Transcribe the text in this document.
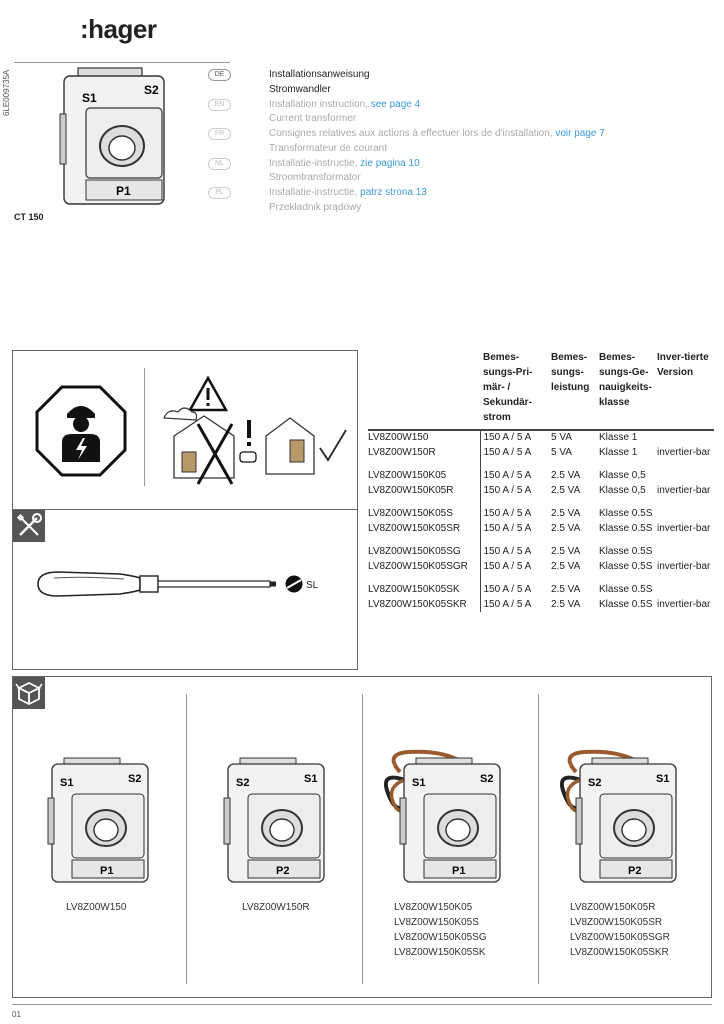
:hager
6LE009735A	S1
S2
P1
CT 150
DE	Installationsanweisung
Stromwandler
EN	Installation instruction, see page 4
Current transformer
FR	Consignes relatives aux actions à effectuer lors de d'installation, voir page 7
Transformateur de courant
NL	Installatie-instructie, zie pagina 10
Stroomtransformator
PL	Installatie-instructie, patrz strona 13
Przekładnik prądowy
SL
	Bemes-sungs-Pri-mär- / Sekundär-strom	Bemes-sungs-leistung	Bemes-sungs-Ge-nauigkeits-klasse	Inver-tierte Version
LV8Z00W150	150 A / 5 A	5 VA	Klasse 1	
LV8Z00W150R	150 A / 5 A	5 VA	Klasse 1	invertier-bar
LV8Z00W150K05	150 A / 5 A	2.5 VA	Klasse 0,5	
LV8Z00W150K05R	150 A / 5 A	2.5 VA	Klasse 0,5	invertier-bar
LV8Z00W150K05S	150 A / 5 A	2.5 VA	Klasse 0.5S	
LV8Z00W150K05SR	150 A / 5 A	2.5 VA	Klasse 0.5S	invertier-bar
LV8Z00W150K05SG	150 A / 5 A	2.5 VA	Klasse 0.5S	
LV8Z00W150K05SGR	150 A / 5 A	2.5 VA	Klasse 0.5S	invertier-bar
LV8Z00W150K05SK	150 A / 5 A	2.5 VA	Klasse 0.5S	
LV8Z00W150K05SKR	150 A / 5 A	2.5 VA	Klasse 0.5S	invertier-bar
S1	S2
P1
LV8Z00W150
S2	S1
P2
LV8Z00W150R
S1	S2
P1
LV8Z00W150K05
LV8Z00W150K05S
LV8Z00W150K05SG
LV8Z00W150K05SK
S2	S1
P2
LV8Z00W150K05R
LV8Z00W150K05SR
LV8Z00W150K05SGR
LV8Z00W150K05SKR
01
